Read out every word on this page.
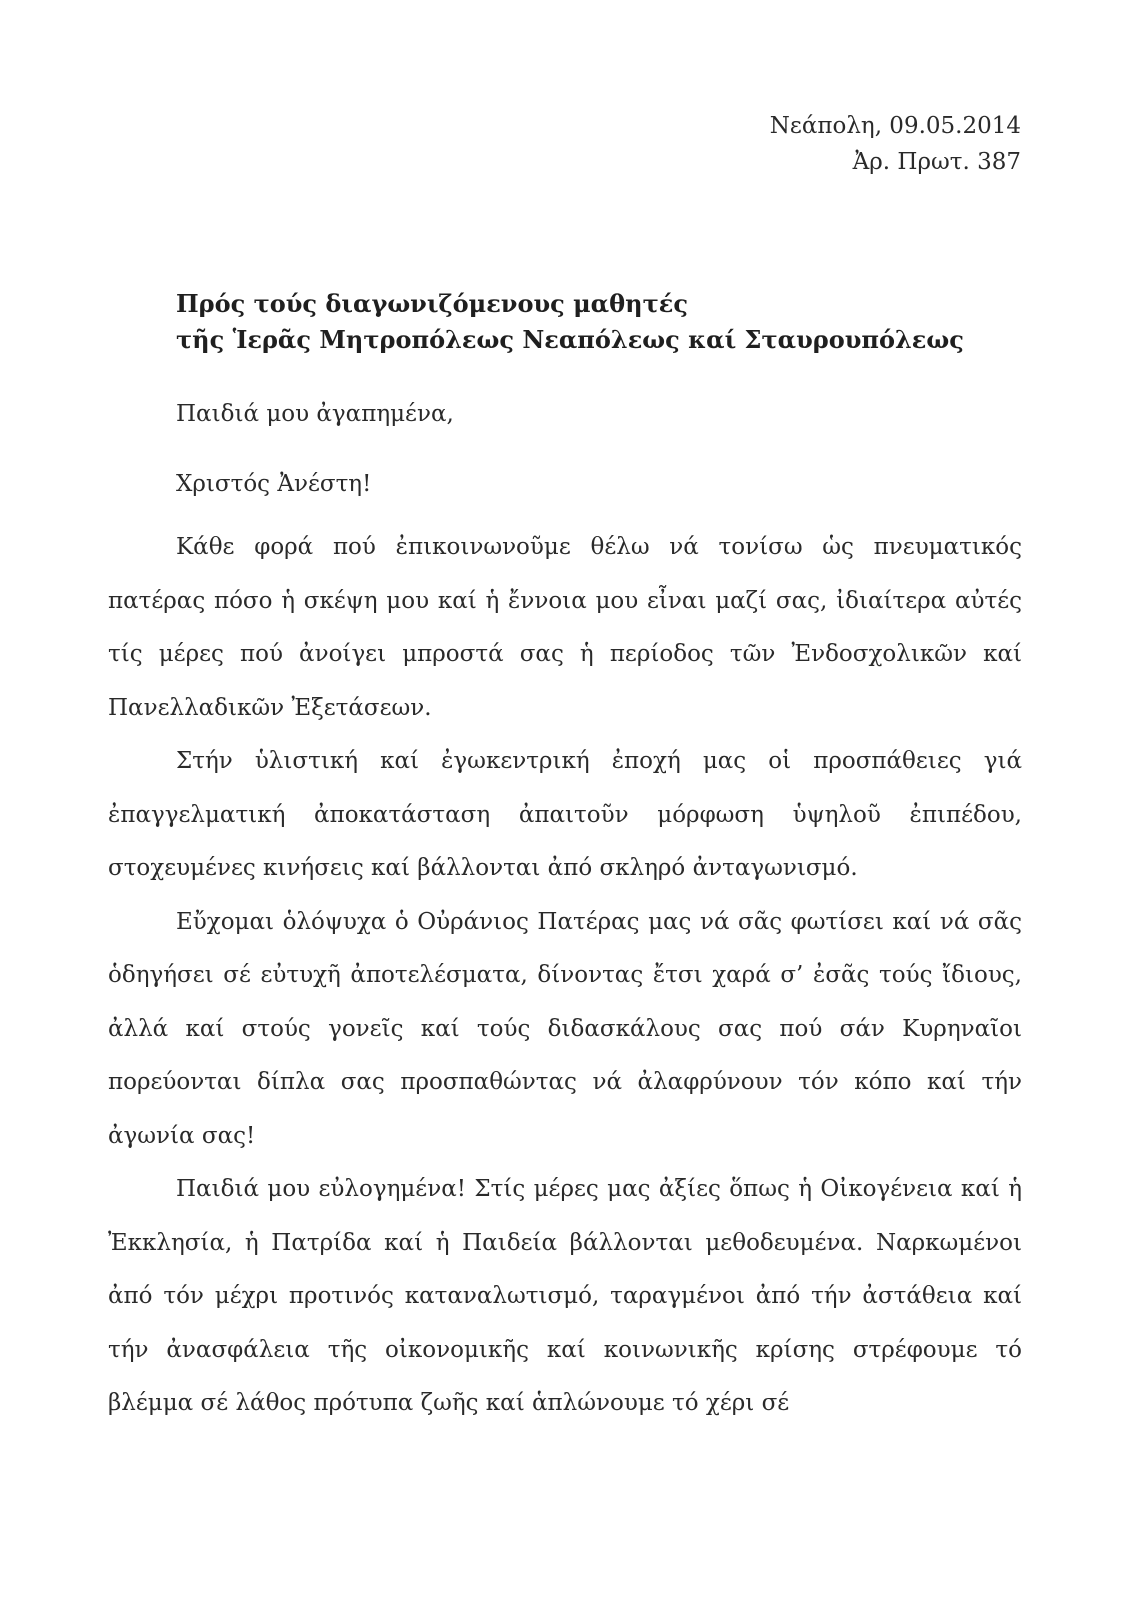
Νεάπολη, 09.05.2014
Ἀρ. Πρωτ. 387
Πρός τούς διαγωνιζόμενους μαθητές
τῆς Ἱερᾶς Μητροπόλεως Νεαπόλεως καί Σταυρουπόλεως
Παιδιά μου ἀγαπημένα,
Χριστός Ἀνέστη!

Κάθε φορά πού ἐπικοινωνοῦμε θέλω νά τονίσω ὡς πνευματικός πατέρας πόσο ἡ σκέψη μου καί ἡ ἔννοια μου εἶναι μαζί σας, ἰδιαίτερα αὐτές τίς μέρες πού ἀνοίγει μπροστά σας ἡ περίοδος τῶν Ἐνδοσχολικῶν καί Πανελλαδικῶν Ἐξετάσεων.

Στήν ὑλιστική καί ἐγωκεντρική ἐποχή μας οἱ προσπάθειες γιά ἐπαγγελματική ἀποκατάσταση ἀπαιτοῦν μόρφωση ὑψηλοῦ ἐπιπέδου, στοχευμένες κινήσεις καί βάλλονται ἀπό σκληρό ἀνταγωνισμό.

Εὔχομαι ὁλόψυχα ὁ Οὐράνιος Πατέρας μας νά σᾶς φωτίσει καί νά σᾶς ὁδηγήσει σέ εὐτυχῆ ἀποτελέσματα, δίνοντας ἔτσι χαρά σ’ ἐσᾶς τούς ἴδιους, ἀλλά καί στούς γονεῖς καί τούς διδασκάλους σας πού σάν Κυρηναῖοι πορεύονται δίπλα σας προσπαθώντας νά ἀλαφρύνουν τόν κόπο καί τήν ἀγωνία σας!

Παιδιά μου εὐλογημένα! Στίς μέρες μας ἀξίες ὅπως ἡ Οἰκογένεια καί ἡ Ἐκκλησία, ἡ Πατρίδα καί ἡ Παιδεία βάλλονται μεθοδευμένα. Ναρκωμένοι ἀπό τόν μέχρι προτινός καταναλωτισμό, ταραγμένοι ἀπό τήν ἀστάθεια καί τήν ἀνασφάλεια τῆς οἰκονομικῆς καί κοινωνικῆς κρίσης στρέφουμε τό βλέμμα σέ λάθος πρότυπα ζωῆς καί ἁπλώνουμε τό χέρι σέ
